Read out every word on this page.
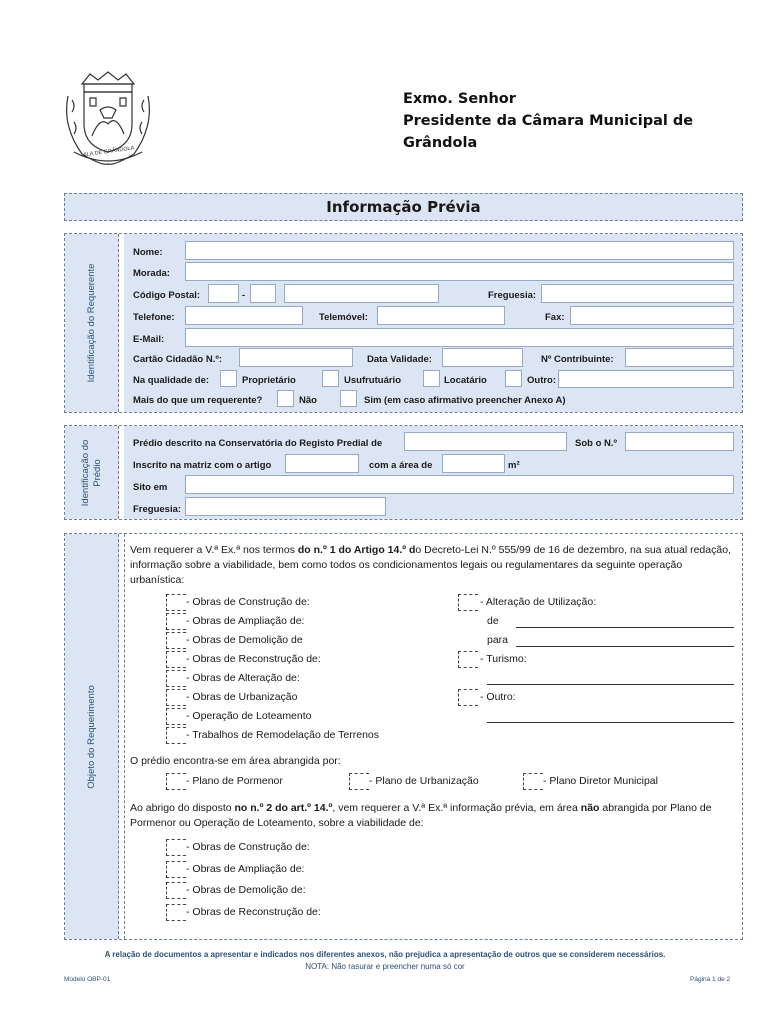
VILA DE GRÂNDOLA
Exmo. Senhor
Presidente da Câmara Municipal de
Grândola
Informação Prévia
Identificação do Requerente
Nome:
Morada:
Código Postal:	-	Freguesia:
Telefone:	Telemóvel:	Fax:
E-Mail:
Cartão Cidadão N.º:	Data Validade:	Nº Contribuinte:
Na qualidade de:	Proprietário	Usufrutuário	Locatário	Outro:
Mais do que um requerente?	Não	Sim (em caso afirmativo preencher Anexo A)
Identificação do Prédio
Prédio descrito na Conservatória do Registo Predial de	Sob o N.º
Inscrito na matriz com o artigo	com a área de	m²
Sito em
Freguesia:
Objeto do Requerimento
Vem requerer a V.ª Ex.ª nos termos do n.º 1 do Artigo 14.º do Decreto-Lei N.º 555/99 de 16 de dezembro, na sua atual redação, informação sobre a viabilidade, bem como todos os condicionamentos legais ou regulamentares da seguinte operação urbanística:
- Obras de Construção de:
- Obras de Ampliação de:
- Obras de Demolição de
- Obras de Reconstrução de:
- Obras de Alteração de:
- Obras de Urbanização
- Operação de Loteamento
- Trabalhos de Remodelação de Terrenos
- Alteração de Utilização:
de
para
- Turismo:
- Outro:
O prédio encontra-se em área abrangida por:
- Plano de Pormenor	- Plano de Urbanização	- Plano Diretor Municipal
Ao abrigo do disposto no n.º 2 do art.º 14.º, vem requerer a V.ª Ex.ª informação prévia, em área não abrangida por Plano de Pormenor ou Operação de Loteamento, sobre a viabilidade de:
- Obras de Construção de:
- Obras de Ampliação de:
- Obras de Demolição de:
- Obras de Reconstrução de:
A relação de documentos a apresentar e indicados nos diferentes anexos, não prejudica a apresentação de outros que se considerem necessários.
NOTA: Não rasurar e preencher numa só cor
Modelo OBP-01	Página 1 de 2
